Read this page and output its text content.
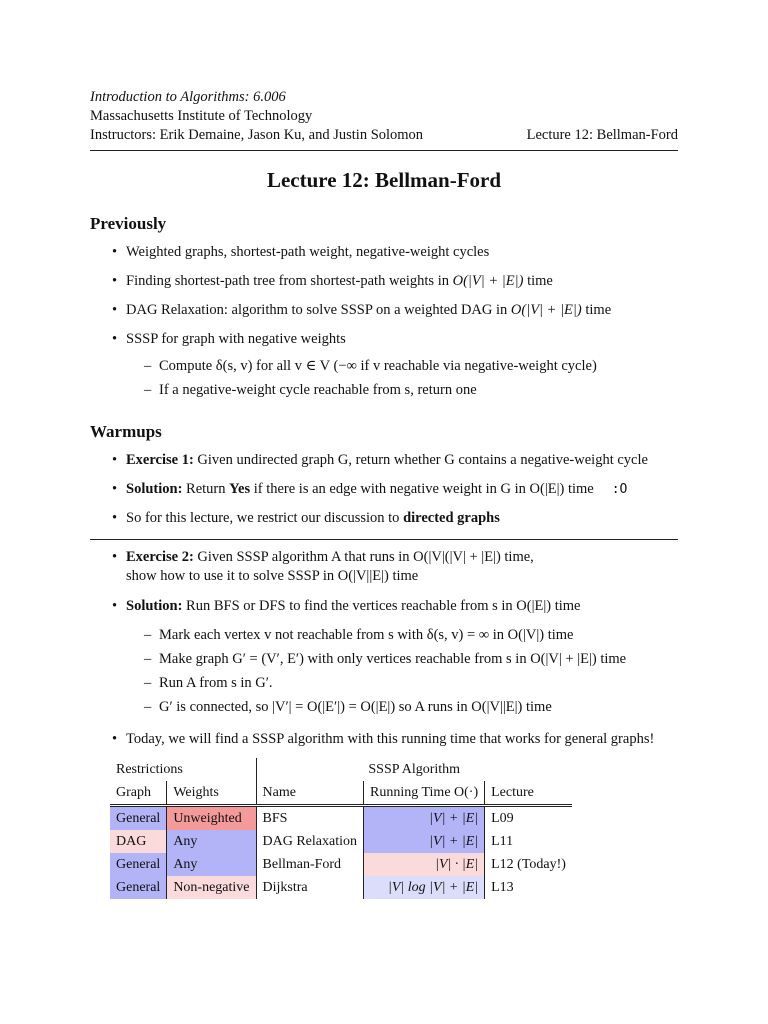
Introduction to Algorithms: 6.006
Massachusetts Institute of Technology
Instructors: Erik Demaine, Jason Ku, and Justin Solomon	Lecture 12: Bellman-Ford
Lecture 12: Bellman-Ford
Previously
• Weighted graphs, shortest-path weight, negative-weight cycles
• Finding shortest-path tree from shortest-path weights in O(|V| + |E|) time
• DAG Relaxation: algorithm to solve SSSP on a weighted DAG in O(|V| + |E|) time
• SSSP for graph with negative weights
– Compute δ(s, v) for all v ∈ V (−∞ if v reachable via negative-weight cycle)
– If a negative-weight cycle reachable from s, return one
Warmups
• Exercise 1: Given undirected graph G, return whether G contains a negative-weight cycle
• Solution: Return Yes if there is an edge with negative weight in G in O(|E|) time :O
• So for this lecture, we restrict our discussion to directed graphs
• Exercise 2: Given SSSP algorithm A that runs in O(|V|(|V| + |E|) time,
show how to use it to solve SSSP in O(|V||E|) time
• Solution: Run BFS or DFS to find the vertices reachable from s in O(|E|) time
– Mark each vertex v not reachable from s with δ(s, v) = ∞ in O(|V|) time
– Make graph G′ = (V′, E′) with only vertices reachable from s in O(|V| + |E|) time
– Run A from s in G′.
– G′ is connected, so |V′| = O(|E′|) = O(|E|) so A runs in O(|V||E|) time
• Today, we will find a SSSP algorithm with this running time that works for general graphs!
Restrictions		SSSP Algorithm		
Graph	Weights	Name	Running Time O(·)	Lecture
General	Unweighted	BFS	|V| + |E|	L09
DAG	Any	DAG Relaxation	|V| + |E|	L11
General	Any	Bellman-Ford	|V| · |E|	L12 (Today!)
General	Non-negative	Dijkstra	|V| log |V| + |E|	L13
